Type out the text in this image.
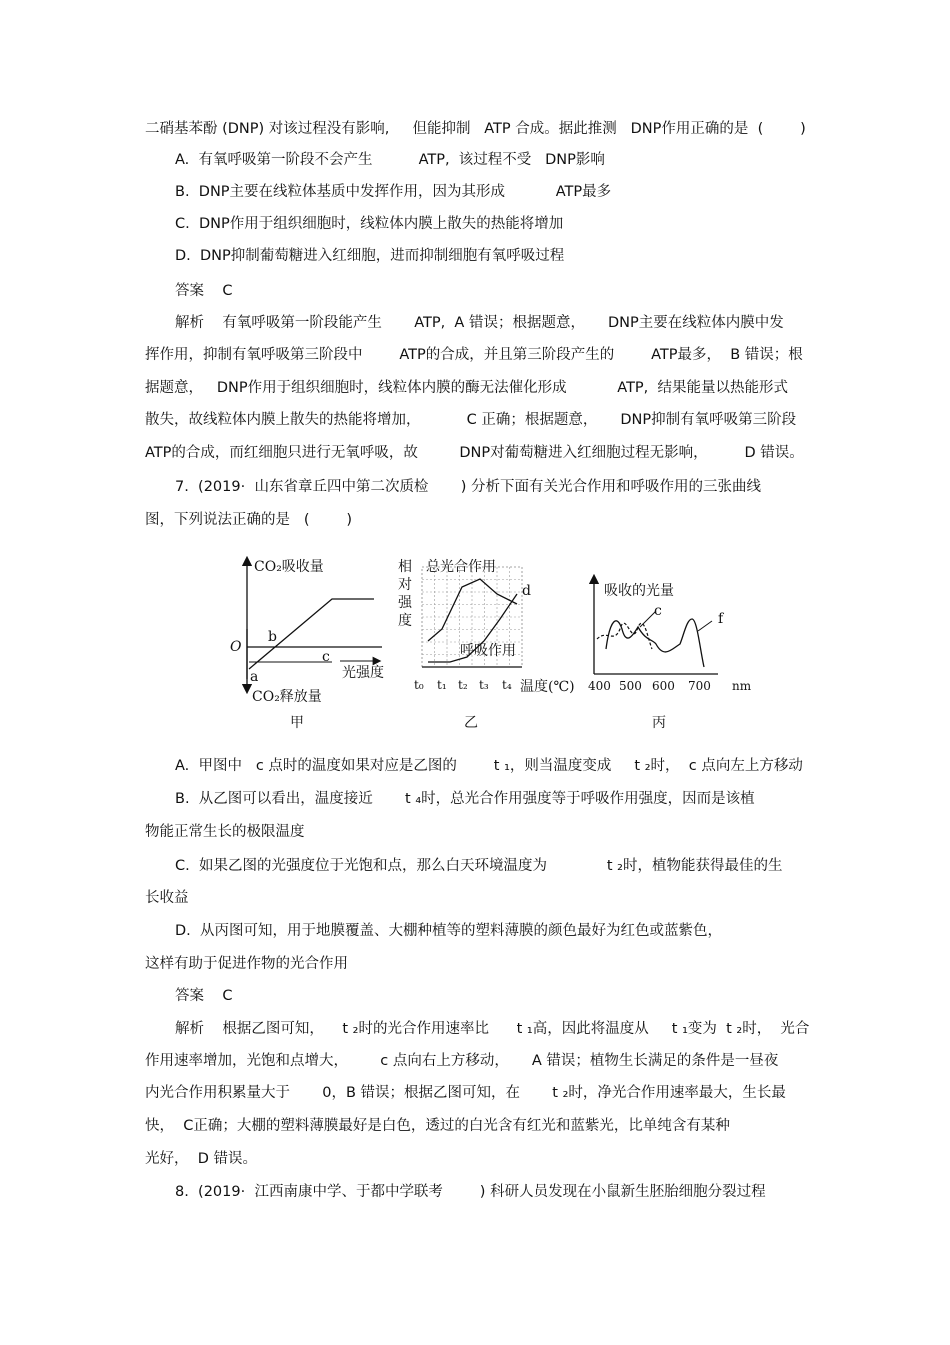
二硝基苯酚 (DNP) 对该过程没有影响,     但能抑制   ATP 合成。据此推测   DNP作用正确的是  (        )
A.  有氧呼吸第一阶段不会产生          ATP,  该过程不受   DNP影响
B.  DNP主要在线粒体基质中发挥作用，因为其形成           ATP最多
C.  DNP作用于组织细胞时，线粒体内膜上散失的热能将增加
D.  DNP抑制葡萄糖进入红细胞，进而抑制细胞有氧呼吸过程
答案    C
解析    有氧呼吸第一阶段能产生       ATP,  A 错误；根据题意，     DNP主要在线粒体内膜中发
挥作用，抑制有氧呼吸第三阶段中        ATP的合成，并且第三阶段产生的        ATP最多，  B 错误；根
据题意，   DNP作用于组织细胞时，线粒体内膜的酶无法催化形成           ATP,  结果能量以热能形式
散失，故线粒体内膜上散失的热能将增加，          C 正确；根据题意，     DNP抑制有氧呼吸第三阶段
ATP的合成，而红细胞只进行无氧呼吸，故         DNP对葡萄糖进入红细胞过程无影响，        D 错误。
7.  (2019·  山东省章丘四中第二次质检       ) 分析下面有关光合作用和呼吸作用的三张曲线
图，下列说法正确的是   (        )
A.  甲图中   c 点时的温度如果对应是乙图的        t ₁，则当温度变成     t ₂时，  c 点向左上方移动
B.  从乙图可以看出，温度接近       t ₄时，总光合作用强度等于呼吸作用强度，因而是该植
物能正常生长的极限温度
C.  如果乙图的光强度位于光饱和点，那么白天环境温度为             t ₂时，植物能获得最佳的生
长收益
D.  从丙图可知，用于地膜覆盖、大棚种植等的塑料薄膜的颜色最好为红色或蓝紫色，
这样有助于促进作物的光合作用
答案    C
解析    根据乙图可知，    t ₂时的光合作用速率比      t ₁高，因此将温度从     t ₁变为  t ₂时，  光合
作用速率增加，光饱和点增大，       c 点向右上方移动，     A 错误；植物生长满足的条件是一昼夜
内光合作用积累量大于       0，B 错误；根据乙图可知，在       t ₂时，净光合作用速率最大，生长最
快，  C正确；大棚的塑料薄膜最好是白色，透过的白光含有红光和蓝紫光，比单纯含有某种
光好，  D 错误。
8.  (2019·  江西南康中学、于都中学联考        ) 科研人员发现在小鼠新生胚胎细胞分裂过程
CO₂吸收量
O
a
b
c
光强度
CO₂释放量
甲
相
对
强
度
总光合作用
d
呼吸作用
t₀ t₁ t₂ t₃ t₄ 温度(℃)
乙
吸收的光量
c	f
400 500 600 700 nm
丙
